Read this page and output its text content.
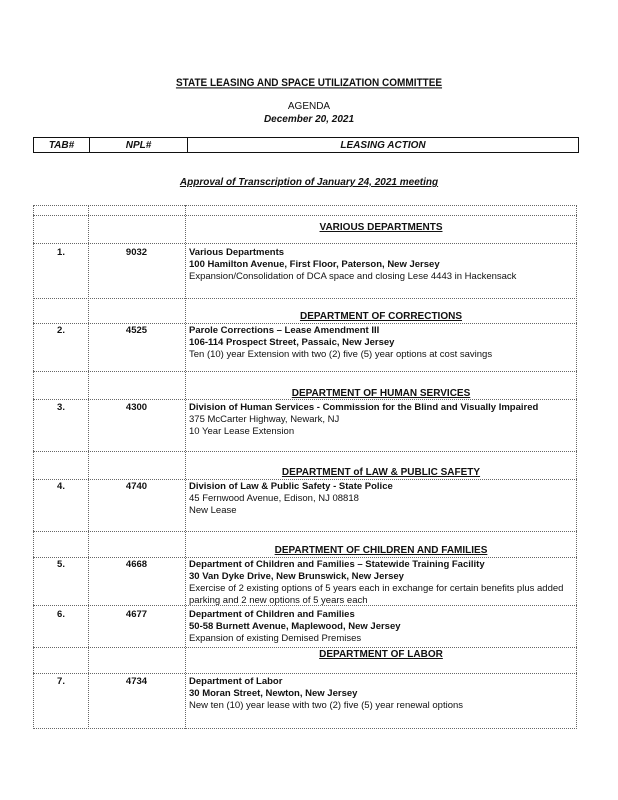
STATE LEASING AND SPACE UTILIZATION COMMITTEE
AGENDA
December 20, 2021
TAB#	NPL#	LEASING ACTION
Approval of Transcription of January 24, 2021 meeting
VARIOUS DEPARTMENTS
1.	9032	Various Departments
100 Hamilton Avenue, First Floor, Paterson, New Jersey
Expansion/Consolidation of DCA space and closing Lese 4443 in Hackensack
DEPARTMENT OF CORRECTIONS
2.	4525	Parole Corrections – Lease Amendment III
106-114 Prospect Street, Passaic, New Jersey
Ten (10) year Extension with two (2) five (5) year options at cost savings
DEPARTMENT OF HUMAN SERVICES
3.	4300	Division of Human Services - Commission for the Blind and Visually Impaired
375 McCarter Highway, Newark, NJ
10 Year Lease Extension
DEPARTMENT of LAW & PUBLIC SAFETY
4.	4740	Division of Law & Public Safety - State Police
45 Fernwood Avenue, Edison, NJ 08818
New Lease
DEPARTMENT OF CHILDREN AND FAMILIES
5.	4668	Department of Children and Families – Statewide Training Facility
30 Van Dyke Drive, New Brunswick, New Jersey
Exercise of 2 existing options of 5 years each in exchange for certain benefits plus added
parking and 2 new options of 5 years each
6.	4677	Department of Children and Families
50-58 Burnett Avenue, Maplewood, New Jersey
Expansion of existing Demised Premises
DEPARTMENT OF LABOR
7.	4734	Department of Labor
30 Moran Street, Newton, New Jersey
New ten (10) year lease with two (2) five (5) year renewal options
